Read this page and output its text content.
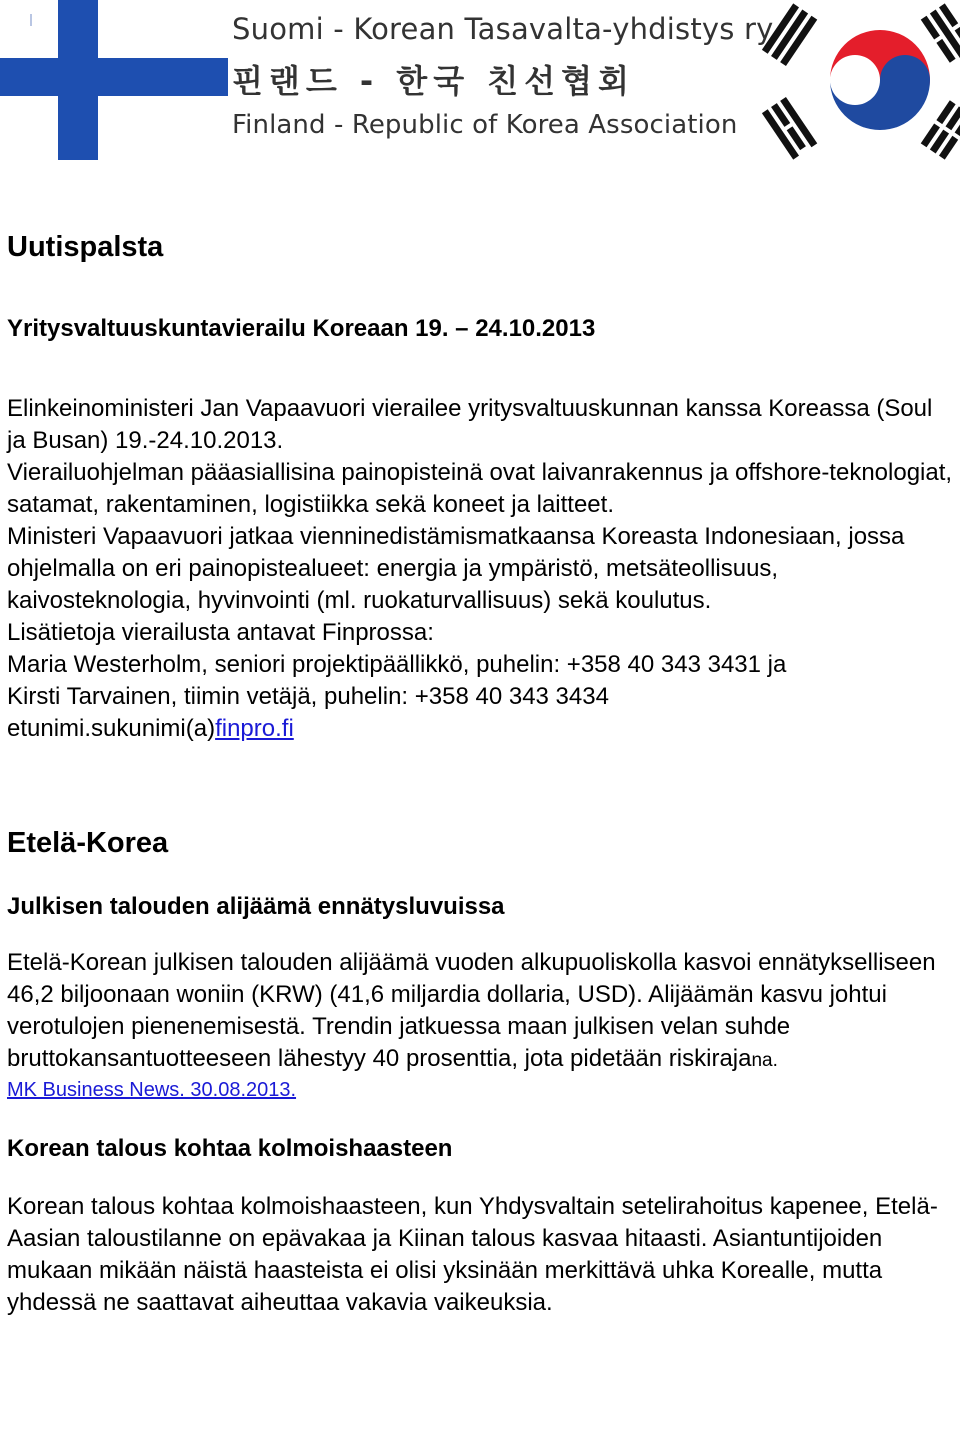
Suomi - Korean Tasavalta-yhdistys ry
핀랜드 - 한국 친선협회
Finland - Republic of Korea Association
Uutispalsta
Yritysvaltuuskuntavierailu Koreaan 19. – 24.10.2013

Elinkeinoministeri Jan Vapaavuori vierailee yritysvaltuuskunnan kanssa Koreassa (Soul ja Busan) 19.-24.10.2013.

Vierailuohjelman pääasiallisina painopisteinä ovat laivanrakennus ja offshore-teknologiat, satamat, rakentaminen, logistiikka sekä koneet ja laitteet.

Ministeri Vapaavuori jatkaa vienninedistämismatkaansa Koreasta Indonesiaan, jossa ohjelmalla on eri painopistealueet: energia ja ympäristö, metsäteollisuus, kaivosteknologia, hyvinvointi (ml. ruokaturvallisuus) sekä koulutus.

Lisätietoja vierailusta antavat Finprossa:

Maria Westerholm, seniori projektipäällikkö, puhelin: +358 40 343 3431 ja

Kirsti Tarvainen, tiimin vetäjä, puhelin: +358 40 343 3434

etunimi.sukunimi(a)finpro.fi

Etelä-Korea
Julkisen talouden alijäämä ennätysluvuissa

Etelä-Korean julkisen talouden alijäämä vuoden alkupuoliskolla kasvoi ennätykselliseen 46,2 biljoonaan woniin (KRW) (41,6 miljardia dollaria, USD). Alijäämän kasvu johtui verotulojen pienenemisestä. Trendin jatkuessa maan julkisen velan suhde bruttokansantuotteeseen lähestyy 40 prosenttia, jota pidetään riskirajana.

MK Business News. 30.08.2013.

Korean talous kohtaa kolmoishaasteen

Korean talous kohtaa kolmoishaasteen, kun Yhdysvaltain setelirahoitus kapenee, Etelä-Aasian taloustilanne on epävakaa ja Kiinan talous kasvaa hitaasti. Asiantuntijoiden mukaan mikään näistä haasteista ei olisi yksinään merkittävä uhka Korealle, mutta yhdessä ne saattavat aiheuttaa vakavia vaikeuksia.
